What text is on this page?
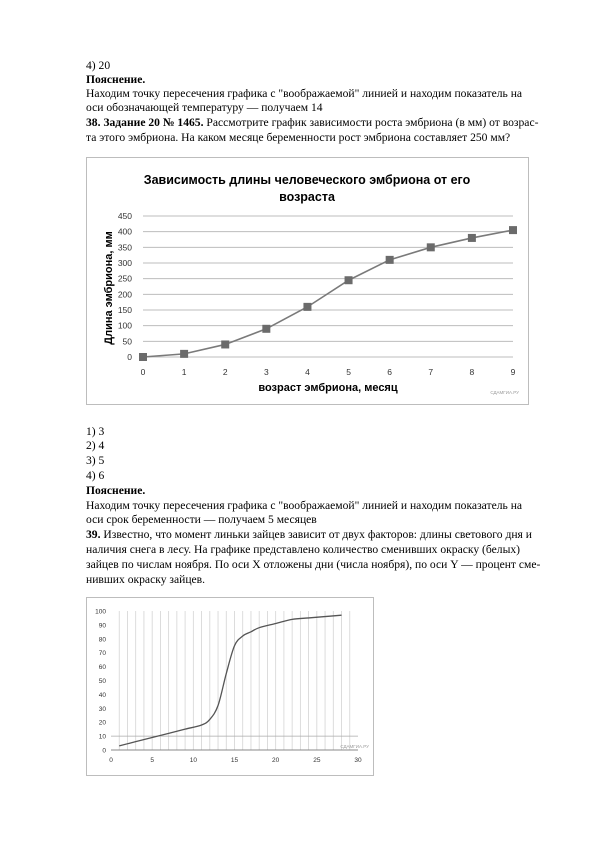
4) 20
Пояснение.
Находим точку пересечения графика с "воображаемой" линией и находим показатель на
оси обозначающей температуру — получаем 14
38. Задание 20 № 1465. Рассмотрите график зависимости роста эмбриона (в мм) от возрас-
та этого эмбриона. На каком месяце беременности рост эмбриона составляет 250 мм?
Зависимость длины человеческого эмбриона от его
возраста
0
50
100
150
200
250
300
350
400
450
0	1	2	3	4	5	6	7	8	9
возраст эмбриона, месяц
Длина эмбриона, мм
СДАМГИА.РУ
1) 3
2) 4
3) 5
4) 6
Пояснение.
Находим точку пересечения графика с "воображаемой" линией и находим показатель на
оси срок беременности — получаем 5 месяцев
39. Известно, что момент линьки зайцев зависит от двух факторов: длины светового дня и
наличия снега в лесу. На графике представлено количество сменивших окраску (белых)
зайцев по числам ноября. По оси X отложены дни (числа ноября), по оси Y — процент сме-
нивших окраску зайцев.
0
10
20
30
40
50
60
70
80
90
100
0	5	10	15	20	25	30
СДАМГИА.РУ
